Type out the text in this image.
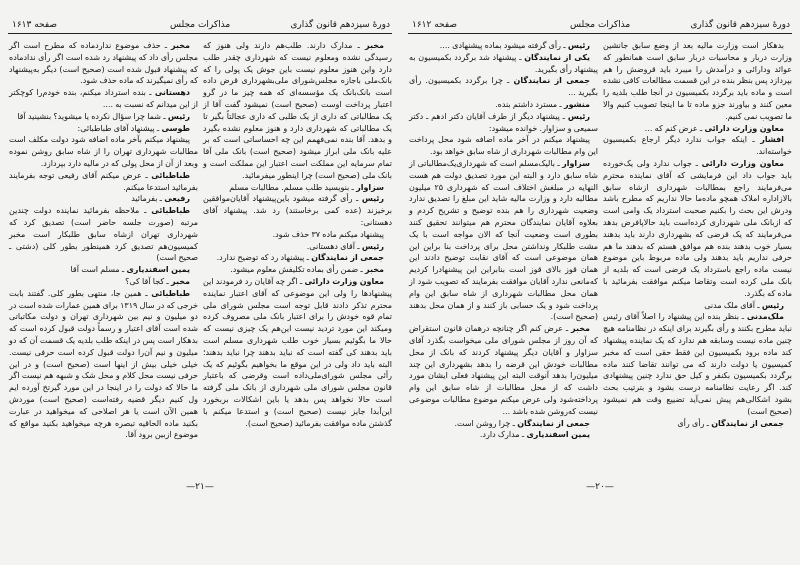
دورهٔ سیزدهم قانون گذاری
مذاکرات مجلس
صفحه ۱۶۱۳

مخبر ـ مدارک دارند. طلب‌هم دارند ولی هنوز که رسیدگی نشده ومعلوم نیست که شهرداری چقدر طلب دارد واین هنوز معلوم نیست باین جوش یک پولی را که بانک‌ملی باجازه مجلس‌شورای ملی‌بشهرداری قرض داده است بانک‌بانک یک مؤسسه‌ای که همه چیز ما در گرو اعتبار پرداخت اوست (صحیح است) نمیشود گفت آقا از یک مطالباتی که داری از یک طلبی که داری عجالتاً بگیر تا یک مطالباتی که شهرداری دارد و هنوز معلوم نشده بگیرد و بدهد. آقا بنده نمی‌فهمم این چه احساساتی است که بر علیه بانک ملی ابراز میشود (صحیح است) بانک ملی آقا تمام سرمایه این مملکت است اعتبار این مملکت است و بانک ملی (صحیح است) چرا اینطور میفرمائید.

سزاوار ـ بنویسید طلب مسلم. مطالبات مسلم

رئیس ـ رأی گرفته میشود باین‌پیشنهاد آقایان‌موافقین برخیزند (عده کمی برخاستند) رد شد. پیشنهاد آقای دهستانی:

پیشنهاد میکنم ماده ۳۷ حذف شود.

رئیس ـ آقای دهستانی.

جمعی از نمایندگان ـ پیشنهاد رد که توضیح ندارد.

مخبر ـ ضمن رأی بماده تکلیفش معلوم میشود.

معاون وزارت دارائی ـ اگر چه آقایان رد فرمودند این پیشنهادها را ولی این موضوعی که آقای اعتبار نماینده محترم تذکر دادند قابل توجه است مجلس شورای ملی تمام قوه خودش را برای اعتبار بانک ملی مصروف کرده ومیکند این مورد تردید نیست این‌هم یک چیزی نیست که حالا ما بگوئیم بسیار خوب طلب شهرداری مسلم است باید بدهند کی گفته است که نباید بدهند چرا نباید بدهند؛ البته باید داد ولی در این موقع ما بخواهیم بگوئیم که یک رأئی مجلس شورای‌ملی‌داده است وقرضی که باعتبار قانون مجلس شورای ملی شهرداری از بانک ملی گرفته است حالا نخواهد پس بدهد یا باین اشکالات بربخورد این‌آبدا جایز نیست (صحیح است) و استدعا میکنم با گذشتن ماده موافقت بفرمائید (صحیح است).

مخبر ـ حذف موضوع ندارد‌ماده که مطرح است اگر مجلس رأی داد که پیشنهاد رد شده است اگر رأی نداد‌ماده که پیشنهاد قبول شده است (صحیح است) دیگر به‌پیشنهاد که رأی نمیگیرند که ماده حذف شود.

دهستانی ـ بنده استرداد میکنم، بنده خودم‌را کوچکتر از این میدانم که نسبت به ....

رئیس ـ شما چرا سؤال نکرده یا میشوید؟ بنشینید آقا

طوسی ـ پیشنهاد آقای طباطبائی:

پیشنهاد میکنم بآخر ماده اضافه شود دولت مکلف است مطالبات شهرداری تهران را از شاه سابق روشن نموده وبعد از آن از محل پولی که در مالیه دارد بپردازد.

طباطبائی ـ عرض میکنم آقای رفیعی توجه بفرمایند بفرمائید استدعا میکنم.

رفیعی ـ بفرمائید

طباطبائی ـ ملاحظه بفرمائید نماینده دولت چندین مرتبه (صورت جلسه حاضر است) تصدیق کرد که شهرداری تهران ازشاه سابق طلبکار است مخبر کمیسیون‌هم تصدیق کرد همینطور بطور کلی (دشتی ـ صحیح است)

یمین اسفندیاری ـ مسلم است آقا

مخبر ـ کجا آقا کی؟

طباطبائی ـ همین جا، منتهی بطور کلی. گفتند بابت خرجی که در سال ۱۳۱۹ برای همین عمارات شده است در دو میلیون و نیم بین شهرداری تهران و دولت مکاتباتی شده است آقای اعتبار و رسماً دولت قبول کرده است که بدهکار است پس در اینکه طلب بلدیه یک قسمت آن که دو میلیون و نیم آن‌را دولت قبول کرده است حرفی نیست. خیلی خیلی بیش از اینها است (صحیح است) و در این حرفی نیست محل کلام و محل شک و شبهه هم نیست اگر ما حالا که دولت را در اینجا در این مورد گیرتخ آورده ایم ول کنیم دیگر قضیه رفته‌است (صحیح است) موردش همین الآن است یا هر اصلاحی که میخواهید در عبارت بکنید ماده الحاقیه تبصره هرچه میخواهید بکنید مواقع که موضوع ازبین برود آقا.

—۲۱—
دورهٔ سیزدهم قانون گذاری
مذاکرات مجلس
صفحه ۱۶۱۲

بدهکار است وزارت مالیه بعد از وضع سابق جانشین وزارت دربار و محاسبات دربار سابق است همانطور که عوائد ودارائی و درآمدش را میبرد باید قروضش را هم بپردازد پس بنظر بنده در این قسمت مطالعات کافی نشده است و ماده باید برگردد بکمیسیون در آنجا طلب بلدیه را معین کنند و بیاورند جزو ماده تا ما اینجا تصویب کنیم والا ما تصویب نمی کنیم.

معاون وزارت دارائی ـ عرض کنم که ...

افشار ـ اینکه جواب ندارد دیگر ارجاع بکمیسیون خواسته‌اند.

معاون وزارت دارائی ـ جواب ندارد ولی یک‌خورده باید جواب داد این فرمایشی که آقای نماینده محترم می‌فرمایند راجع بمطالبات شهرداری ازشاه سابق بالازاداره املاک همچو ماده‌ما حالا نداریم که مطرح باشد ودرش این بحث را بکنیم صحبت استرداد یک وامی است که ازبانک ملی شهرداری کرده‌است باید حالاپافرض بدهد می‌فرمایند که یک قرضی که بشهرداری دارند باید بدهند بسیار خوب بدهند بنده هم موافق هستم که بدهند ما هم حرفی نداریم باید بدهند ولی ماده مربوط باین موضوع نیست ماده راجع باسترداد یک قرضی است که بلدیه از بانک ملی کرده است وتقاضا میکنم موافقت بفرمائید با ماده که بگذرد.

رئیس ـ آقای ملک مدنی

ملک‌مدنی ـ بنظر بنده این پیشنهاد را اصلاً آقای رئیس نباید مطرح بکنند و رأی بگیرند برای اینکه در نظامنامه هیچ چنین ماده نیست وسابقه هم ندارد که یک نماینده پیشنهاد کند ماده برود بکمیسیون این فقط حقی است که مخبر کمیسیون یا دولت دارند که می توانند تقاضا کنند ماده برگردد بکمیسیون بکنفر و کیل حق ندارد چنین پیشنهادی کند. اگر رعایت نظامنامه درست بشود و بترتیب بحث بشود اشکالی‌هم پیش نمی‌آید تضییع وقت هم نمیشود (صحیح است)

جمعی از نمایندگان ـ رأی رأی

رئیس ـ رأی گرفته میشود بماده پیشنهادی ....

یکی از نمایندگان ـ پیشنهاد شد برگردد بکمیسیون به پیشنهاد رأی بگیرید.

جمعی از نمایندگان ـ چرا برگردد بکمیسیون. رأی بگیرید ...

منشور ـ مسترد داشتم بنده.

رئیس ـ پیشنهاد دیگر از طرف آقایان دکتر ادهم ـ دکتر سمیعی و سزاوار. خوانده میشود:

پیشنهاد میکنم در آخر ماده اضافه شود محل پرداخت این وام مطالبات شهرداری از شاه سابق خواهد بود.

سزاوار ـ بالیک‌مسلم است که شهرداری‌یک‌مطالباتی از شاه سابق دارد و البته این مورد تصدیق دولت هم هست النهایه در مبلغش اختلاف است که شهرداری ۲۵ میلیون مطالبه دارد و وزارت مالیه شاید این مبلغ را تصدیق ندارد وضعیت شهرداری را هم بنده توضیح و تشریح کردم و بعلاوه آقایان نمایندگان محترم هم میتوانند تحقیق کنند بطوری است وضعیت آنجا که الان مواجه است با یک مشت طلبکار ونداشتن محل برای پرداخت بنا براین این همان موضوعی است که آقای نقابت توضیح دادند این همان قوز بالای قوز است بنابراین این پیشنهادرا کردیم که‌مانعی ندارد آقایان موافقت بفرمایند که تصویب شود از همان محل مطالبات شهرداری از شاه سابق این وام پرداخت شود و یک حسابی باز کنند و از همان محل بدهند (صحیح است).

مخبر ـ عرض کنم اگر چنانچه درهمان قانون استقراض که آن روز از مجلس شورای ملی میخواست بگذرد آقای سزاوار و آقایان دیگر پیشنهاد کردند که بانک از محل مطالبات خودش این قرضه را بدهد بشهرداری این چند میلیون‌را بدهد آنوقت البته این پیشنهاد فعلی ایشان مورد داشت که از محل مطالبات از شاه سابق این وام پرداخته‌شود ولی عرض میکنم موضوع مطالبات موضوعی نیست که‌روشن شده باشد ...

جمعی از نمایندگان ـ چرا روشن است.

یمین اسفندیاری ـ مدارک دارد.

—۲۰—
